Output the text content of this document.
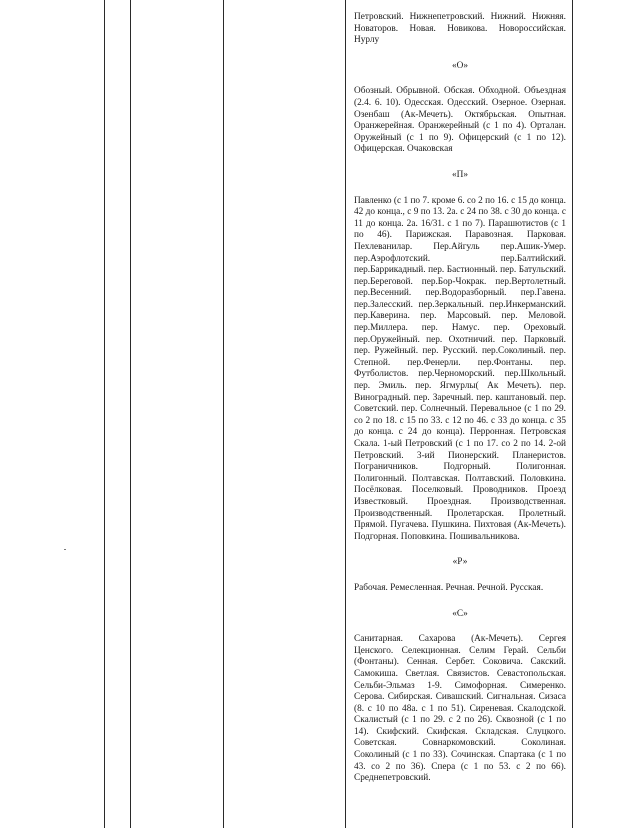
Петровский. Нижнепетровский. Нижний. Нижняя. Новаторов. Новая. Новикова. Новороссийская. Нурлу

«О»

Обозный. Обрывной. Обская. Обходной. Объездная (2.4. 6. 10). Одесская. Одесский. Озерное. Озерная. Озенбаш (Ак-Мечеть). Октябрьская. Опытная. Оранжерейная. Оранжерейный (с 1 по 4). Орталан. Оружейный (с 1 по 9). Офицерский (с 1 по 12). Офицерская. Очаковская

«П»

Павленко (с 1 по 7. кроме 6. со 2 по 16. с 15 до конца. 42 до конца., с 9 по 13. 2а. с 24 по 38. с 30 до конца. с 11 до конца. 2а. 16/31. с 1 по 7). Парашютистов (с 1 по 46). Парижская. Паравозная. Парковая. Пехлеванилар. Пер.Айгуль пер.Ашик-Умер. пер.Аэрофлотский. пер.Балтийский. пер.Баррикадный. пер. Бастионный. пер. Батульский. пер.Береговой. пер.Бор-Чокрак. пер.Вертолетный. пер.Весенний. пер.Водоразборный. пер.Гавена. пер.Залесский. пер.Зеркальный. пер.Инкерманский. пер.Каверина. пер. Марсовый. пер. Меловой. пер.Миллера. пер. Намус. пер. Ореховый. пер.Оружейный. пер. Охотничий. пер. Парковый. пер. Ружейный. пер. Русский. пер.Соколиный. пер. Степной. пер.Фенерли. пер.Фонтаны. пер. Футболистов. пер.Черноморский. пер.Школьный. пер. Эмиль. пер. Ягмурлы( Ак Мечеть). пер. Виноградный. пер. Заречный. пер. каштановый. пер. Советский. пер. Солнечный. Перевальное (с 1 по 29. со 2 по 18. с 15 по 33. с 12 по 46. с 33 до конца. с 35 до конца. с 24 до конца). Перронная. Петровская Скала. 1-ый Петровский (с 1 по 17. со 2 по 14. 2-ой Петровский. 3-ий Пионерский. Планеристов. Пограничников. Подгорный. Полигонная. Полигонный. Полтавская. Полтавский. Половкина. Посёлковая. Поселковый. Проводников. Проезд Известковый. Проездная. Производственная. Производственный. Пролетарская. Пролетный. Прямой. Пугачева. Пушкина. Пихтовая (Ак-Мечеть). Подгорная. Поповкина. Пошивальникова.

«Р»

Рабочая. Ремесленная. Речная. Речной. Русская.

«С»

Санитарная. Сахарова (Ак-Мечеть). Сергея Ценского. Селекционная. Селим Герай. Сельби (Фонтаны). Сенная. Сербет. Соковича. Сакский. Самокиша. Светлая. Связистов. Севастопольская. Сельби-Эльмаз 1-9. Симофорная. Симеренко. Серова. Сибирская. Сивашский. Сигнальная. Сизаса (8. с 10 по 48а. с 1 по 51). Сиреневая. Скалодской. Скалистый (с 1 по 29. с 2 по 26). Сквозной (с 1 по 14). Скифский. Скифская. Складская. Слуцкого. Советская. Совнаркомовский. Соколиная. Соколиный (с 1 по 33). Сочинская. Спартака (с 1 по 43. со 2 по 36). Спера (с 1 по 53. с 2 по 66). Среднепетровский.
